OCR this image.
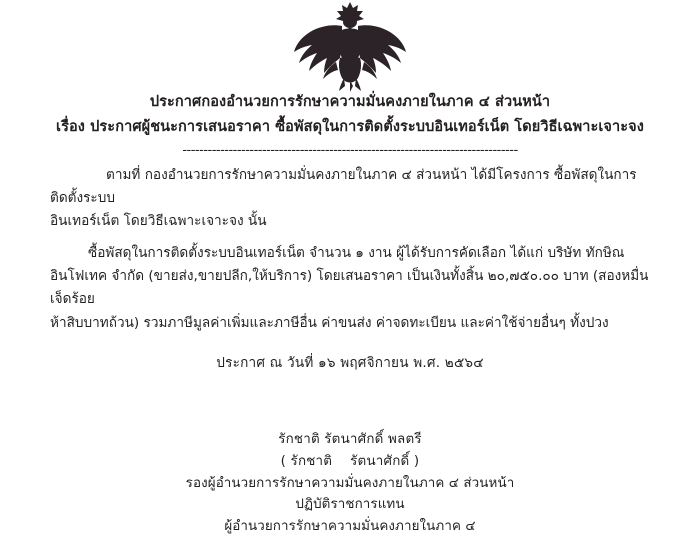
ประกาศกองอำนวยการรักษาความมั่นคงภายในภาค ๔ ส่วนหน้า
เรื่อง ประกาศผู้ชนะการเสนอราคา ซื้อพัสดุในการติดตั้งระบบอินเทอร์เน็ต โดยวิธีเฉพาะเจาะจง
--------------------------------------------------------------------------------

ตามที่ กองอำนวยการรักษาความมั่นคงภายในภาค ๔ ส่วนหน้า ได้มีโครงการ ซื้อพัสดุในการติดตั้งระบบ

อินเทอร์เน็ต โดยวิธีเฉพาะเจาะจง นั้น

ซื้อพัสดุในการติดตั้งระบบอินเทอร์เน็ต จำนวน ๑ งาน ผู้ได้รับการคัดเลือก ได้แก่ บริษัท ทักษิณ

อินโฟเทค จำกัด (ขายส่ง,ขายปลีก,ให้บริการ) โดยเสนอราคา เป็นเงินทั้งสิ้น ๒๐,๗๕๐.๐๐ บาท (สองหมื่นเจ็ดร้อย

ห้าสิบบาทถ้วน) รวมภาษีมูลค่าเพิ่มและภาษีอื่น ค่าขนส่ง ค่าจดทะเบียน และค่าใช้จ่ายอื่นๆ ทั้งปวง

ประกาศ ณ วันที่ ๑๖ พฤศจิกายน พ.ศ. ๒๕๖๔
รักชาติ รัตนาศักดิ์ พลตรี
( รักชาติ รัตนาศักดิ์ )
รองผู้อำนวยการรักษาความมั่นคงภายในภาค ๔ ส่วนหน้า
ปฏิบัติราชการแทน
ผู้อำนวยการรักษาความมั่นคงภายในภาค ๔
